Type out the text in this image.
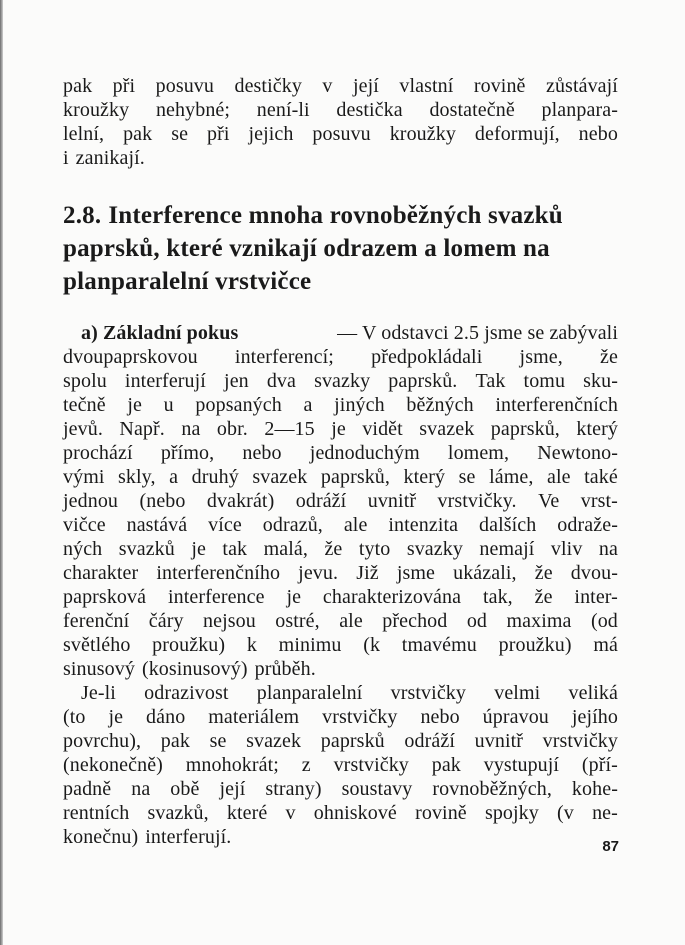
pak při posuvu destičky v její vlastní rovině zůstávají
kroužky nehybné; není-li destička dostatečně planpara-
lelní, pak se při jejich posuvu kroužky deformují, nebo
i zanikají.
2.8. Interference mnoha rovnoběžných svazků
paprsků, které vznikají odrazem a lomem na
planparalelní vrstvičce
a) Základní pokus	— V odstavci 2.5 jsme se zabývali
dvoupaprskovou interferencí; předpokládali jsme, že
spolu interferují jen dva svazky paprsků. Tak tomu sku-
tečně je u popsaných a jiných běžných interferenčních
jevů. Např. na obr. 2—15 je vidět svazek paprsků, který
prochází přímo, nebo jednoduchým lomem, Newtono-
vými skly, a druhý svazek paprsků, který se láme, ale také
jednou (nebo dvakrát) odráží uvnitř vrstvičky. Ve vrst-
vičce nastává více odrazů, ale intenzita dalších odraže-
ných svazků je tak malá, že tyto svazky nemají vliv na
charakter interferenčního jevu. Již jsme ukázali, že dvou-
paprsková interference je charakterizována tak, že inter-
ferenční čáry nejsou ostré, ale přechod od maxima (od
světlého proužku) k minimu (k tmavému proužku) má
sinusový (kosinusový) průběh.
Je-li odrazivost planparalelní vrstvičky velmi veliká
(to je dáno materiálem vrstvičky nebo úpravou jejího
povrchu), pak se svazek paprsků odráží uvnitř vrstvičky
(nekonečně) mnohokrát; z vrstvičky pak vystupují (pří-
padně na obě její strany) soustavy rovnoběžných, kohe-
rentních svazků, které v ohniskové rovině spojky (v ne-
konečnu) interferují.	87
